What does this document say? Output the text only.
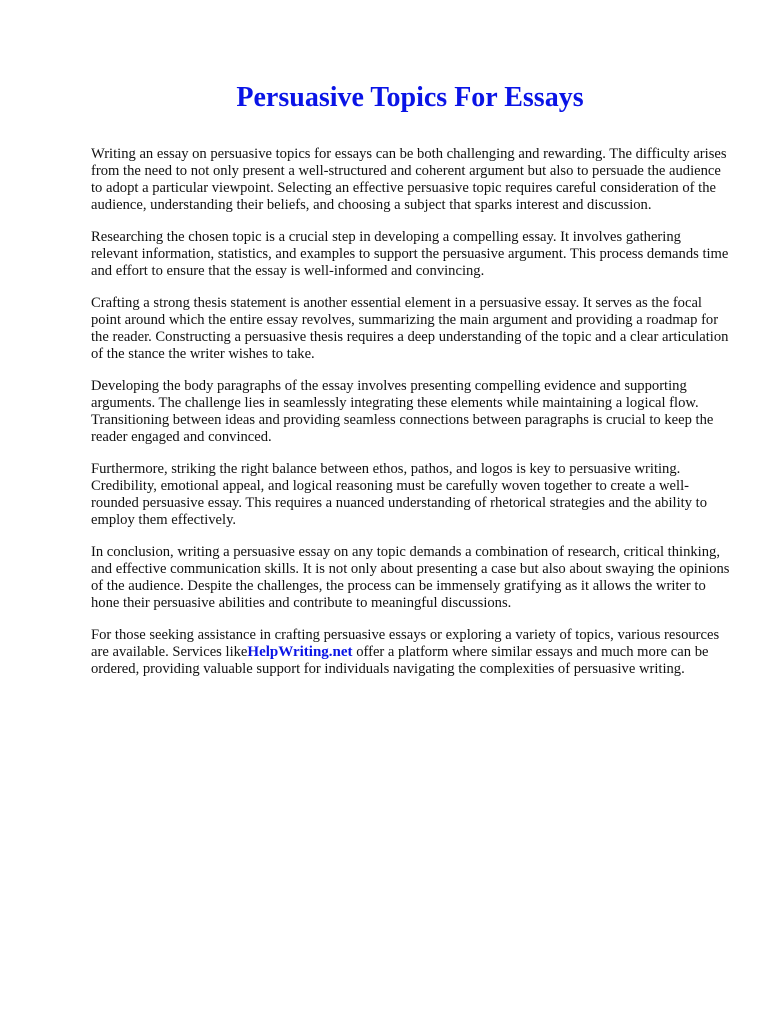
Persuasive Topics For Essays

Writing an essay on persuasive topics for essays can be both challenging and rewarding. The difficulty arises from the need to not only present a well-structured and coherent argument but also to persuade the audience to adopt a particular viewpoint. Selecting an effective persuasive topic requires careful consideration of the audience, understanding their beliefs, and choosing a subject that sparks interest and discussion.

Researching the chosen topic is a crucial step in developing a compelling essay. It involves gathering relevant information, statistics, and examples to support the persuasive argument. This process demands time and effort to ensure that the essay is well-informed and convincing.

Crafting a strong thesis statement is another essential element in a persuasive essay. It serves as the focal point around which the entire essay revolves, summarizing the main argument and providing a roadmap for the reader. Constructing a persuasive thesis requires a deep understanding of the topic and a clear articulation of the stance the writer wishes to take.

Developing the body paragraphs of the essay involves presenting compelling evidence and supporting arguments. The challenge lies in seamlessly integrating these elements while maintaining a logical flow. Transitioning between ideas and providing seamless connections between paragraphs is crucial to keep the reader engaged and convinced.

Furthermore, striking the right balance between ethos, pathos, and logos is key to persuasive writing. Credibility, emotional appeal, and logical reasoning must be carefully woven together to create a well-rounded persuasive essay. This requires a nuanced understanding of rhetorical strategies and the ability to employ them effectively.

In conclusion, writing a persuasive essay on any topic demands a combination of research, critical thinking, and effective communication skills. It is not only about presenting a case but also about swaying the opinions of the audience. Despite the challenges, the process can be immensely gratifying as it allows the writer to hone their persuasive abilities and contribute to meaningful discussions.

For those seeking assistance in crafting persuasive essays or exploring a variety of topics, various resources are available. Services likeHelpWriting.net offer a platform where similar essays and much more can be ordered, providing valuable support for individuals navigating the complexities of persuasive writing.
